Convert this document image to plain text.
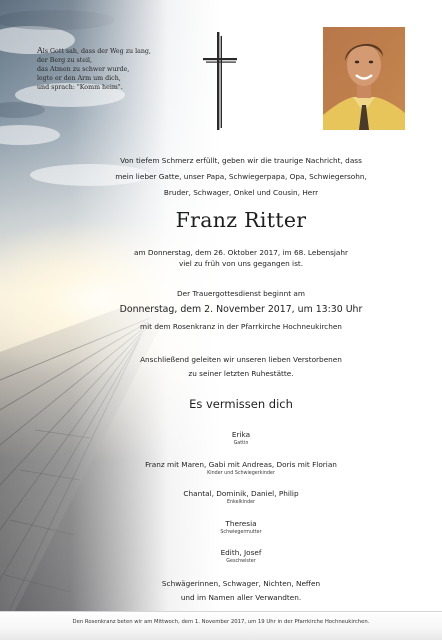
Als Gott sah, dass der Weg zu lang,
der Berg zu steil,
das Atmen zu schwer wurde,
legte er den Arm um dich,
und sprach: "Komm heim".
Von tiefem Schmerz erfüllt, geben wir die traurige Nachricht, dass
mein lieber Gatte, unser Papa, Schwiegerpapa, Opa, Schwiegersohn,
Bruder, Schwager, Onkel und Cousin, Herr
Franz Ritter
am Donnerstag, dem 26. Oktober 2017, im 68. Lebensjahr
viel zu früh von uns gegangen ist.
Der Trauergottesdienst beginnt am
Donnerstag, dem 2. November 2017, um 13:30 Uhr
mit dem Rosenkranz in der Pfarrkirche Hochneukirchen
Anschließend geleiten wir unseren lieben Verstorbenen
zu seiner letzten Ruhestätte.
Es vermissen dich
Erika
Gattin
Franz mit Maren, Gabi mit Andreas, Doris mit Florian
Kinder und Schwiegerkinder
Chantal, Dominik, Daniel, Philip
Enkelkinder
Theresia
Schwiegermutter
Edith, Josef
Geschwister
Schwägerinnen, Schwager, Nichten, Neffen
und im Namen aller Verwandten.
Den Rosenkranz beten wir am Mittwoch, dem 1. November 2017, um 19 Uhr in der Pfarrkirche Hochneukirchen.
